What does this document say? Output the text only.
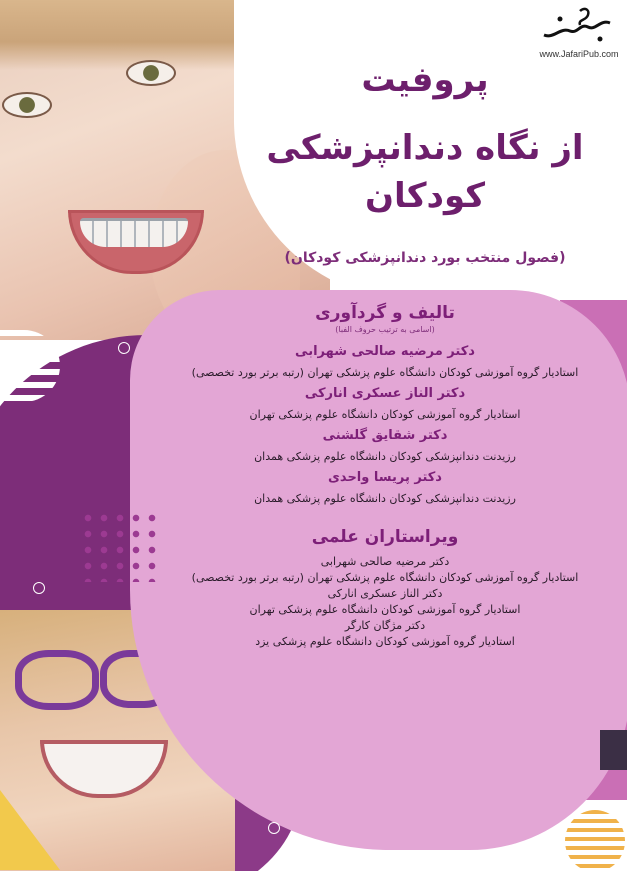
www.JafariPub.com
پروفیت
از نگاه دندانپزشکی کودکان
(فصول منتخب بورد دندانپزشکی کودکان)
تالیف و گردآوری
(اسامی به ترتیب حروف الفبا)
دکتر مرضیه صالحی شهرابی
استادیار گروه آموزشی کودکان دانشگاه علوم پزشکی تهران (رتبه برتر بورد تخصصی)
دکتر الناز عسکری انارکی
استادیار گروه آموزشی کودکان دانشگاه علوم پزشکی تهران
دکتر شقایق گلشنی
رزیدنت دندانپزشکی کودکان دانشگاه علوم پزشکی همدان
دکتر پریسا واحدی
رزیدنت دندانپزشکی کودکان دانشگاه علوم پزشکی همدان
ویراستاران علمی
دکتر مرضیه صالحی شهرابی
استادیار گروه آموزشی کودکان دانشگاه علوم پزشکی تهران (رتبه برتر بورد تخصصی)
دکتر الناز عسکری انارکی
استادیار گروه آموزشی کودکان دانشگاه علوم پزشکی تهران
دکتر مژگان کارگر
استادیار گروه آموزشی کودکان دانشگاه علوم پزشکی یزد
